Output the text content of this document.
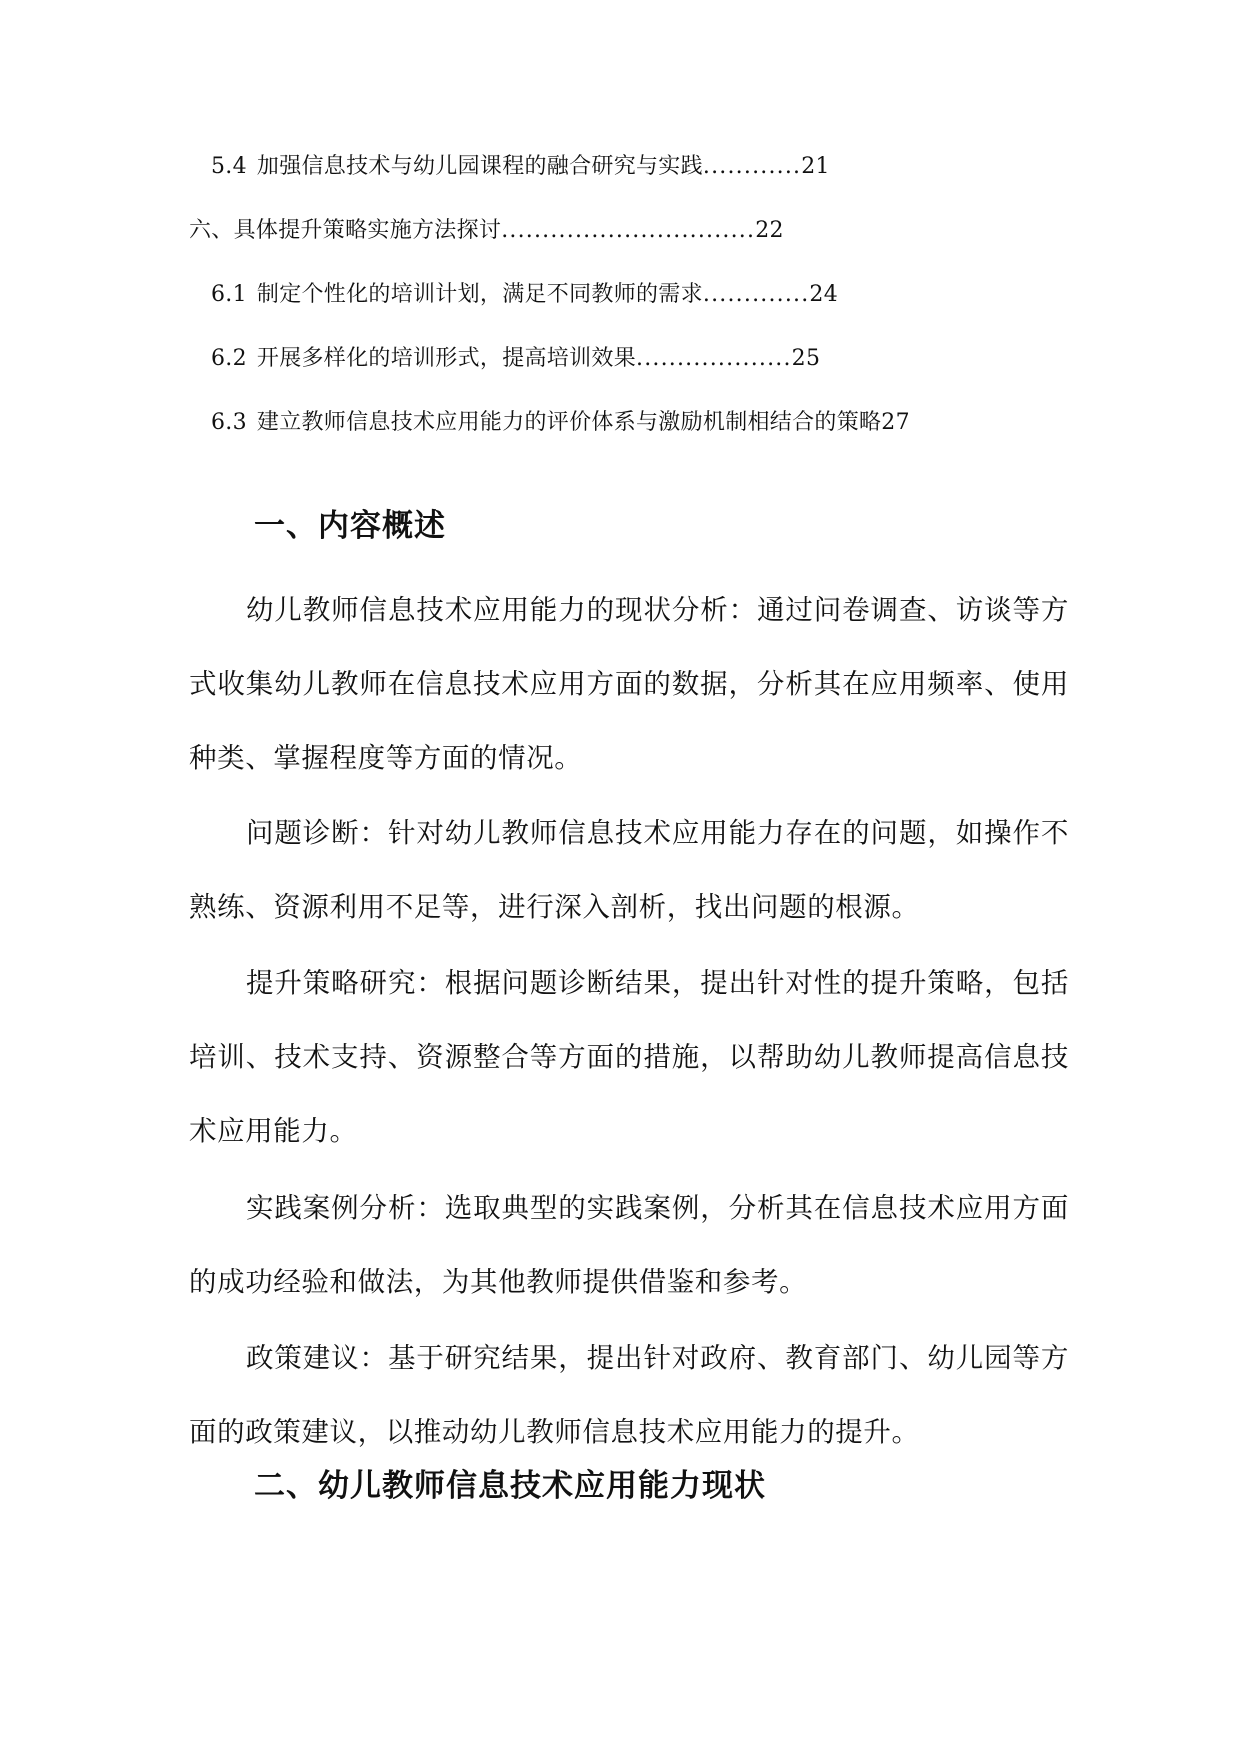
5.4 加强信息技术与幼儿园课程的融合研究与实践............21
六、具体提升策略实施方法探讨...............................22
6.1 制定个性化的培训计划，满足不同教师的需求.............24
6.2 开展多样化的培训形式，提高培训效果...................25
6.3 建立教师信息技术应用能力的评价体系与激励机制相结合的策略27
一、内容概述

幼儿教师信息技术应用能力的现状分析：通过问卷调查、访谈等方式收集幼儿教师在信息技术应用方面的数据，分析其在应用频率、使用种类、掌握程度等方面的情况。

问题诊断：针对幼儿教师信息技术应用能力存在的问题，如操作不熟练、资源利用不足等，进行深入剖析，找出问题的根源。

提升策略研究：根据问题诊断结果，提出针对性的提升策略，包括培训、技术支持、资源整合等方面的措施，以帮助幼儿教师提高信息技术应用能力。

实践案例分析：选取典型的实践案例，分析其在信息技术应用方面的成功经验和做法，为其他教师提供借鉴和参考。

政策建议：基于研究结果，提出针对政府、教育部门、幼儿园等方面的政策建议，以推动幼儿教师信息技术应用能力的提升。

二、幼儿教师信息技术应用能力现状
